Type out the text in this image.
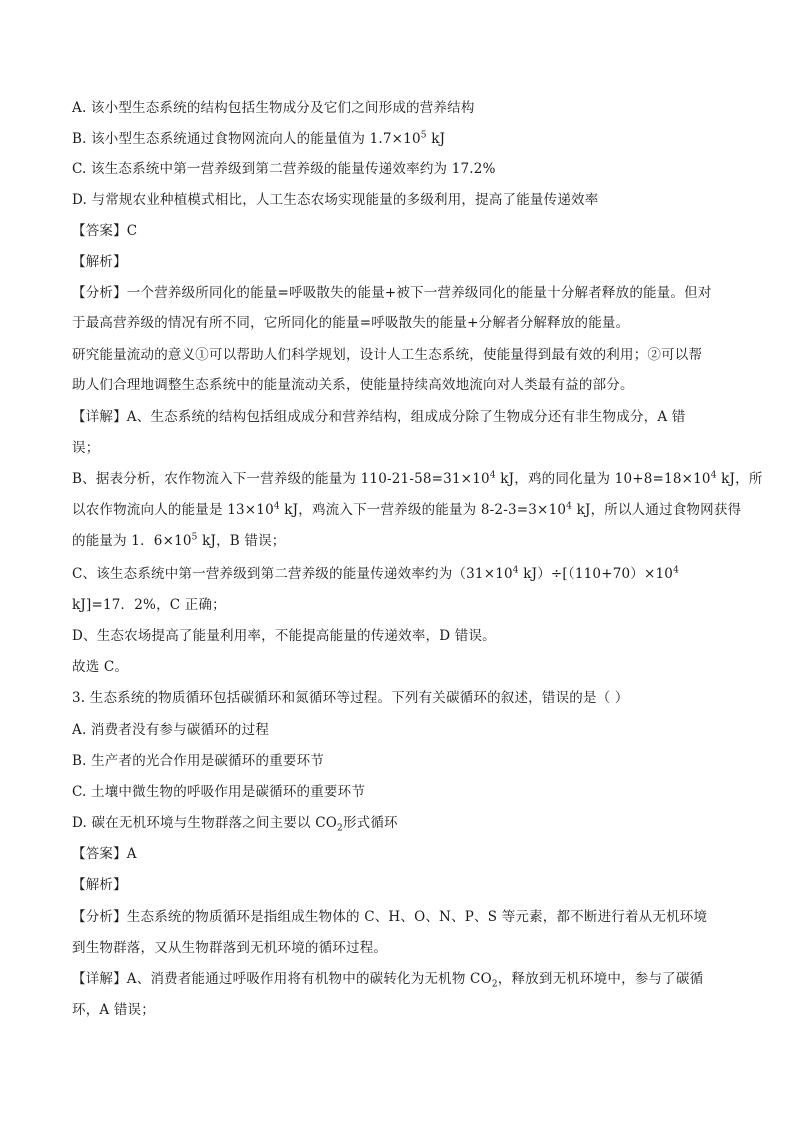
A. 该小型生态系统的结构包括生物成分及它们之间形成的营养结构
B. 该小型生态系统通过食物网流向人的能量值为 $1.7\times 10^5$ kJ
C. 该生态系统中第一营养级到第二营养级的能量传递效率约为 17.2%
D. 与常规农业种植模式相比，人工生态农场实现能量的多级利用，提高了能量传递效率
【答案】C
【解析】
【分析】一个营养级所同化的能量=呼吸散失的能量+被下一营养级同化的能量十分解者释放的能量。但对
于最高营养级的情况有所不同，它所同化的能量=呼吸散失的能量+分解者分解释放的能量。
研究能量流动的意义①可以帮助人们科学规划，设计人工生态系统，使能量得到最有效的利用；②可以帮
助人们合理地调整生态系统中的能量流动关系，使能量持续高效地流向对人类最有益的部分。
【详解】A、生态系统的结构包括组成成分和营养结构，组成成分除了生物成分还有非生物成分，A 错
误；
B、据表分析，农作物流入下一营养级的能量为 $110-21-58=31\times 10^4$ kJ，鸡的同化量为 $10+8=18\times 10^4$ kJ，所
以农作物流向人的能量是 $13\times 10^4$ kJ，鸡流入下一营养级的能量为 $8-2-3=3\times 10^4$ kJ，所以人通过食物网获得
的能量为 1．$6\times 10^5$ kJ，B 错误；
C、该生态系统中第一营养级到第二营养级的能量传递效率约为（$31\times 10^4$ $kJ)\div[(110+70)\times 10^4$
kJ]=17．2%，C 正确；
D、生态农场提高了能量利用率，不能提高能量的传递效率，D 错误。
故选 C。
3. 生态系统的物质循环包括碳循环和氮循环等过程。下列有关碳循环的叙述，错误的是（ ）
A. 消费者没有参与碳循环的过程
B. 生产者的光合作用是碳循环的重要环节
C. 土壤中微生物的呼吸作用是碳循环的重要环节
D. 碳在无机环境与生物群落之间主要以 $CO_2$形式循环
【答案】A
【解析】
【分析】生态系统的物质循环是指组成生物体的 C、H、O、N、P、S 等元素，都不断进行着从无机环境
到生物群落，又从生物群落到无机环境的循环过程。
【详解】A、消费者能通过呼吸作用将有机物中的碳转化为无机物 $CO_2$，释放到无机环境中，参与了碳循
环，A 错误；
